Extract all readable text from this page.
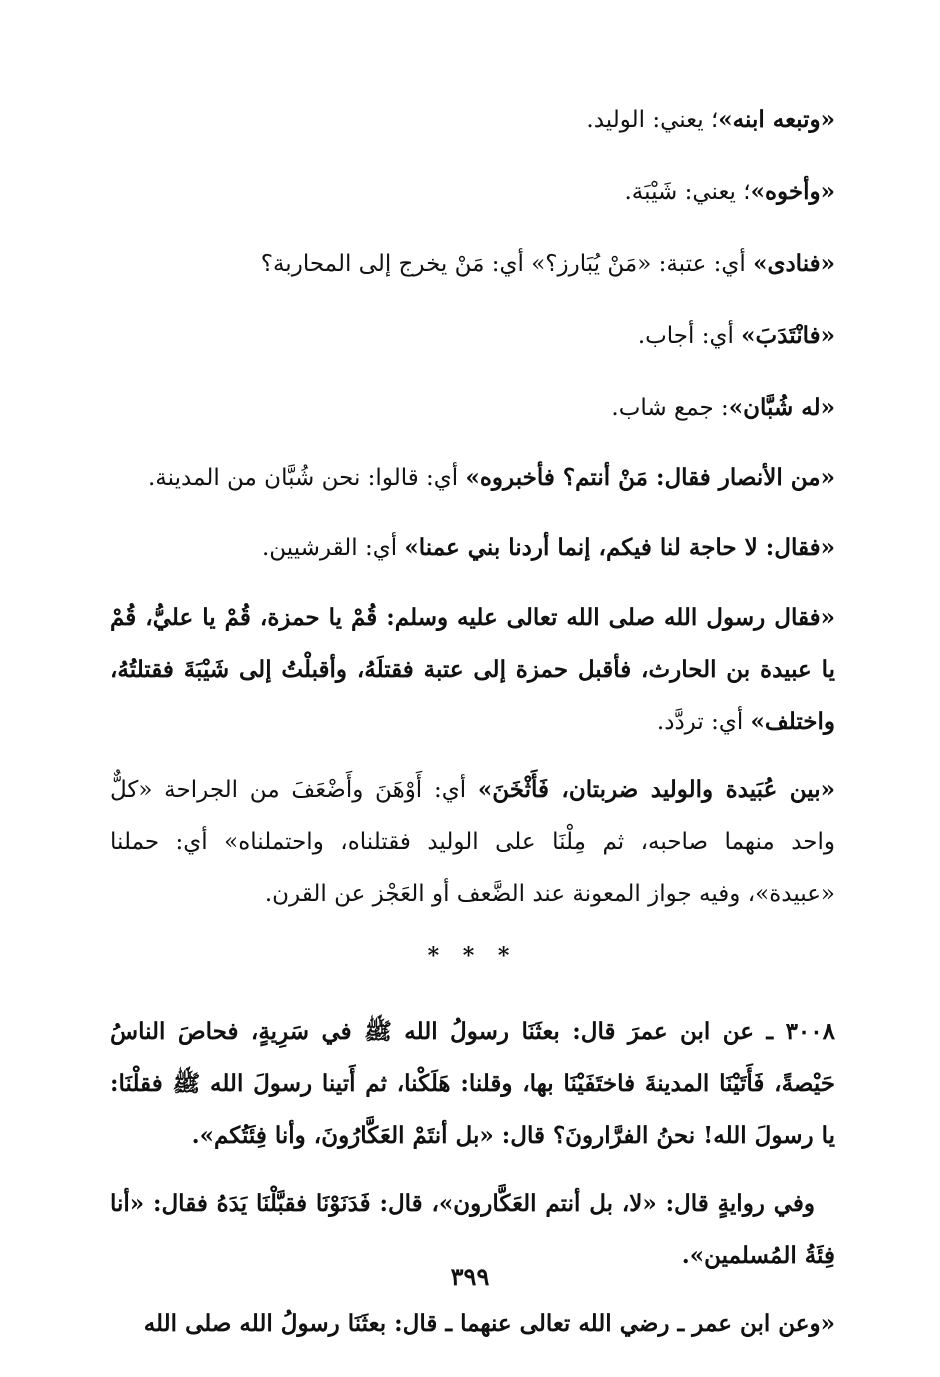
«وتبعه ابنه»؛ يعني: الوليد.
«وأخوه»؛ يعني: شَيْبَة.
«فنادى» أي: عتبة: «مَنْ يُبَارز؟» أي: مَنْ يخرج إلى المحاربة؟
«فانْتَدَبَ» أي: أجاب.
«له شُبَّان»: جمع شاب.
«من الأنصار فقال: مَنْ أنتم؟ فأخبروه» أي: قالوا: نحن شُبَّان من المدينة.
«فقال: لا حاجة لنا فيكم، إنما أردنا بني عمنا» أي: القرشيين.
«فقال رسول الله صلى الله تعالى عليه وسلم: قُمْ يا حمزة، قُمْ يا عليُّ، قُمْ يا عبيدة بن الحارث، فأقبل حمزة إلى عتبة فقتلَهُ، وأقبلْتُ إلى شَيْبَةَ فقتلتُهُ، واختلف» أي: تردَّد.
«بين عُبَيدة والوليد ضربتان، فَأَثْخَنَ» أي: أَوْهَنَ وأَضْعَفَ من الجراحة «كلٌّ واحد منهما صاحبه، ثم مِلْنَا على الوليد فقتلناه، واحتملناه» أي: حملنا «عبيدة»، وفيه جواز المعونة عند الضَّعف أو العَجْز عن القرن.
* * *
٣٠٠٨ ـ عن ابن عمرَ قال: بعثَنَا رسولُ الله ﷺ في سَرِيةٍ، فحاصَ الناسُ حَيْصةً، فَأَتَيْنَا المدينةَ فاختَفَيْنَا بها، وقلنا: هَلَكْنا، ثم أَتينا رسولَ الله ﷺ فقلْنَا: يا رسولَ الله! نحنُ الفرَّارونَ؟ قال: «بل أنتَمْ العَكَّارُونَ، وأنا فِئَتُكم».
وفي روايةٍ قال: «لا، بل أنتم العَكَّارون»، قال: فَدَنَوْنَا فقبَّلْنَا يَدَهُ فقال: «أنا فِئَةُ المُسلمين».
«وعن ابن عمر ـ رضي الله تعالى عنهما ـ قال: بعثَنَا رسولُ الله صلى الله
٣٩٩
